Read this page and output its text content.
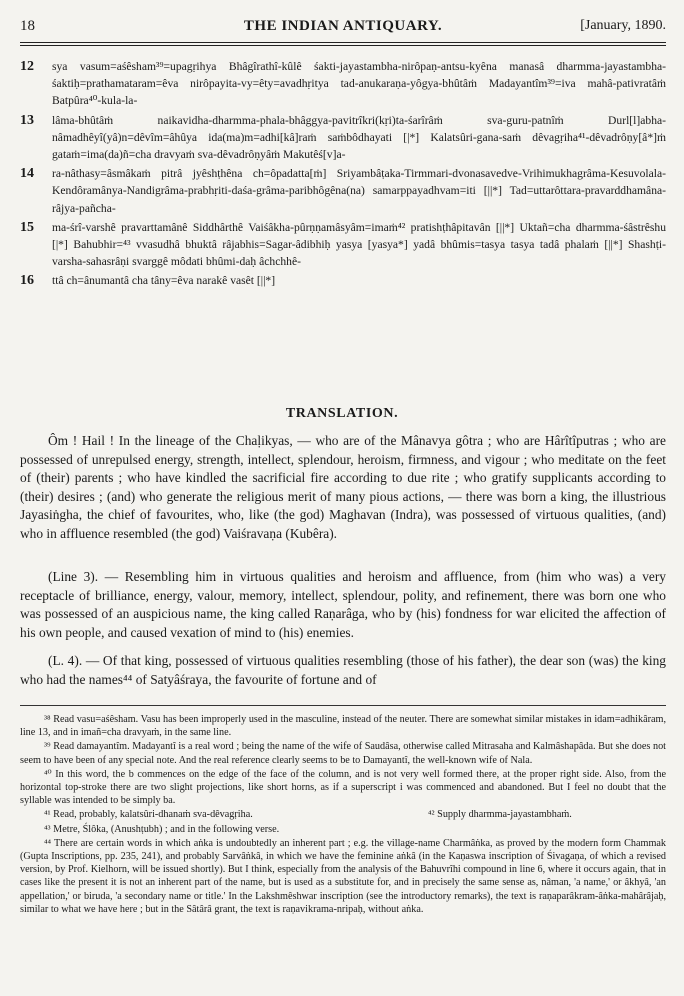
18	THE INDIAN ANTIQUARY.	[January, 1890.
12 sya vasum=aśêsham³⁹=upagṛihya Bhâgîrathî-kûlê śakti-jayastambha-nirôpaṇ-antsu-kyêna manasâ dharmma-jayastambha-śaktiḥ=prathamataram=êva nirôpayita-vy=êty=avadhṛitya tad-anukaraṇa-yôgya-bhûtâṁ Madayantîm³⁹=iva mahâ-pativratâṁ Batpûra⁴⁰-kula-la-
13 lâma-bhûtâṁ naikavidha-dharmma-phala-bhâggya-pavitrîkri(kṛi)ta-śarîrâṁ sva-guru-patnîṁ Durl[l]abha-nâmadhêyî(yâ)n=dêvîm=âhûya ida(ma)m=adhi[kâ]raṁ saṁbôdhayati [|*] Kalatsûri-gana-saṁ dêvagṛiha⁴¹-dêvadrôṇy[â*]ṁ gataṁ=ima(da)ñ=cha dravyaṁ sva-dêvadrôṇyâṁ Makutêś[v]a-
14 ra-nâthasy=âsmâkaṁ pitrâ jyêshṭhêna ch=ôpadatta[ṁ] Sriyambâṭaka-Tirmmari-dvonasavedve-Vrihimukhagrâma-Kesuvolala-Kendôramânya-Nandigrâma-prabhṛiti-daśa-grâma-paribhôgêna(na) samarppayadhvam=iti [||*] Tad=uttarôttara-pravarddhamâna-râjya-pañcha-
15 ma-śrî-varshê pravarttamânê Siddhârthê Vaiśâkha-pûrṇṇamâsyâm=imaṁ⁴² pratishṭhâpitavân [||*] Uktañ=cha dharmma-śâstrêshu [|*] Bahubhir=⁴³ vvasudhâ bhuktâ râjabhis=Sagar-âdibhiḥ yasya [yasya*] yadâ bhûmis=tasya tasya tadâ phalaṁ [||*] Shashṭi-varsha-sahasrâṇi svarggê môdati bhûmi-daḥ âchchhê-
16 ttâ ch=ânumantâ cha tâny=êva narakê vasêt [||*]
TRANSLATION.

Ôm ! Hail ! In the lineage of the Chaḷikyas, — who are of the Mânavya gôtra ; who are Hârîtîputras ; who are possessed of unrepulsed energy, strength, intellect, splendour, heroism, firmness, and vigour ; who meditate on the feet of (their) parents ; who have kindled the sacrificial fire according to due rite ; who gratify supplicants according to (their) desires ; (and) who generate the religious merit of many pious actions, — there was born a king, the illustrious Jayasiṅgha, the chief of favourites, who, like (the god) Maghavan (Indra), was possessed of virtuous qualities, (and) who in affluence resembled (the god) Vaiśravaṇa (Kubêra).

(Line 3). — Resembling him in virtuous qualities and heroism and affluence, from (him who was) a very receptacle of brilliance, energy, valour, memory, intellect, splendour, polity, and refinement, there was born one who was possessed of an auspicious name, the king called Raṇarâga, who by (his) fondness for war elicited the affection of his own people, and caused vexation of mind to (his) enemies.

(L. 4). — Of that king, possessed of virtuous qualities resembling (those of his father), the dear son (was) the king who had the names⁴⁴ of Satyâśraya, the favourite of fortune and of

³⁸ Read vasu=aśêsham. Vasu has been improperly used in the masculine, instead of the neuter. There are somewhat similar mistakes in idam=adhikâram, line 13, and in imañ=cha dravyaṁ, in the same line.

³⁹ Read damayantîm. Madayantî is a real word ; being the name of the wife of Saudâsa, otherwise called Mitrasaha and Kalmâshapâda. But she does not seem to have been of any special note. And the real reference clearly seems to be to Damayantî, the well-known wife of Nala.

⁴⁰ In this word, the b commences on the edge of the face of the column, and is not very well formed there, at the proper right side. Also, from the horizontal top-stroke there are two slight projections, like short horns, as if a superscript i was commenced and abandoned. But I feel no doubt that the syllable was intended to be simply ba.

⁴¹ Read, probably, kalatsûri-dhanaṁ sva-dêvagṛiha.	⁴² Supply dharmma-jayastambhaṁ.

⁴³ Metre, Ślôka, (Anushṭubh) ; and in the following verse.

⁴⁴ There are certain words in which aṅka is undoubtedly an inherent part ; e.g. the village-name Charmâṅka, as proved by the modern form Chammak (Gupta Inscriptions, pp. 235, 241), and probably Sarvâṅkâ, in which we have the feminine aṅkâ (in the Kaṇaswa inscription of Śivagaṇa, of which a revised version, by Prof. Kielhorn, will be issued shortly). But I think, especially from the analysis of the Bahuvrîhi compound in line 6, where it occurs again, that in cases like the present it is not an inherent part of the name, but is used as a substitute for, and in precisely the same sense as, nâman, 'a name,' or âkhyâ, 'an appellation,' or biruda, 'a secondary name or title.' In the Lakshmêshwar inscription (see the introductory remarks), the text is raṇaparâkram-âṅka-mahârâjaḥ, similar to what we have here ; but in the Sâtârâ grant, the text is raṇavikrama-nripaḥ, without aṅka.
